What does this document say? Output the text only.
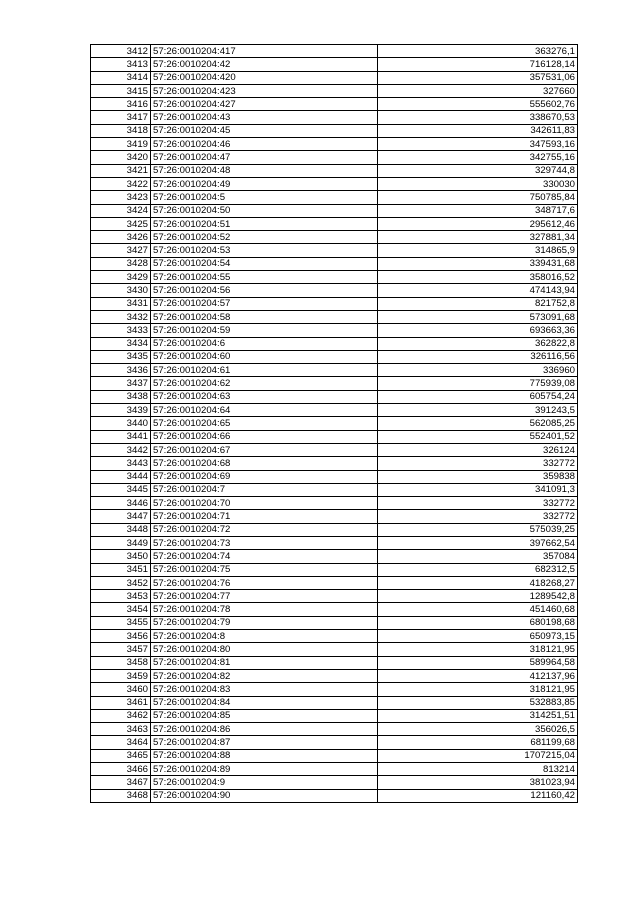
3412	57:26:0010204:417	363276,1
3413	57:26:0010204:42	716128,14
3414	57:26:0010204:420	357531,06
3415	57:26:0010204:423	327660
3416	57:26:0010204:427	555602,76
3417	57:26:0010204:43	338670,53
3418	57:26:0010204:45	342611,83
3419	57:26:0010204:46	347593,16
3420	57:26:0010204:47	342755,16
3421	57:26:0010204:48	329744,8
3422	57:26:0010204:49	330030
3423	57:26:0010204:5	750785,84
3424	57:26:0010204:50	348717,6
3425	57:26:0010204:51	295612,46
3426	57:26:0010204:52	327881,34
3427	57:26:0010204:53	314865,9
3428	57:26:0010204:54	339431,68
3429	57:26:0010204:55	358016,52
3430	57:26:0010204:56	474143,94
3431	57:26:0010204:57	821752,8
3432	57:26:0010204:58	573091,68
3433	57:26:0010204:59	693663,36
3434	57:26:0010204:6	362822,8
3435	57:26:0010204:60	326116,56
3436	57:26:0010204:61	336960
3437	57:26:0010204:62	775939,08
3438	57:26:0010204:63	605754,24
3439	57:26:0010204:64	391243,5
3440	57:26:0010204:65	562085,25
3441	57:26:0010204:66	552401,52
3442	57:26:0010204:67	326124
3443	57:26:0010204:68	332772
3444	57:26:0010204:69	359838
3445	57:26:0010204:7	341091,3
3446	57:26:0010204:70	332772
3447	57:26:0010204:71	332772
3448	57:26:0010204:72	575039,25
3449	57:26:0010204:73	397662,54
3450	57:26:0010204:74	357084
3451	57:26:0010204:75	682312,5
3452	57:26:0010204:76	418268,27
3453	57:26:0010204:77	1289542,8
3454	57:26:0010204:78	451460,68
3455	57:26:0010204:79	680198,68
3456	57:26:0010204:8	650973,15
3457	57:26:0010204:80	318121,95
3458	57:26:0010204:81	589964,58
3459	57:26:0010204:82	412137,96
3460	57:26:0010204:83	318121,95
3461	57:26:0010204:84	532883,85
3462	57:26:0010204:85	314251,51
3463	57:26:0010204:86	356026,5
3464	57:26:0010204:87	681199,68
3465	57:26:0010204:88	1707215,04
3466	57:26:0010204:89	813214
3467	57:26:0010204:9	381023,94
3468	57:26:0010204:90	121160,42
